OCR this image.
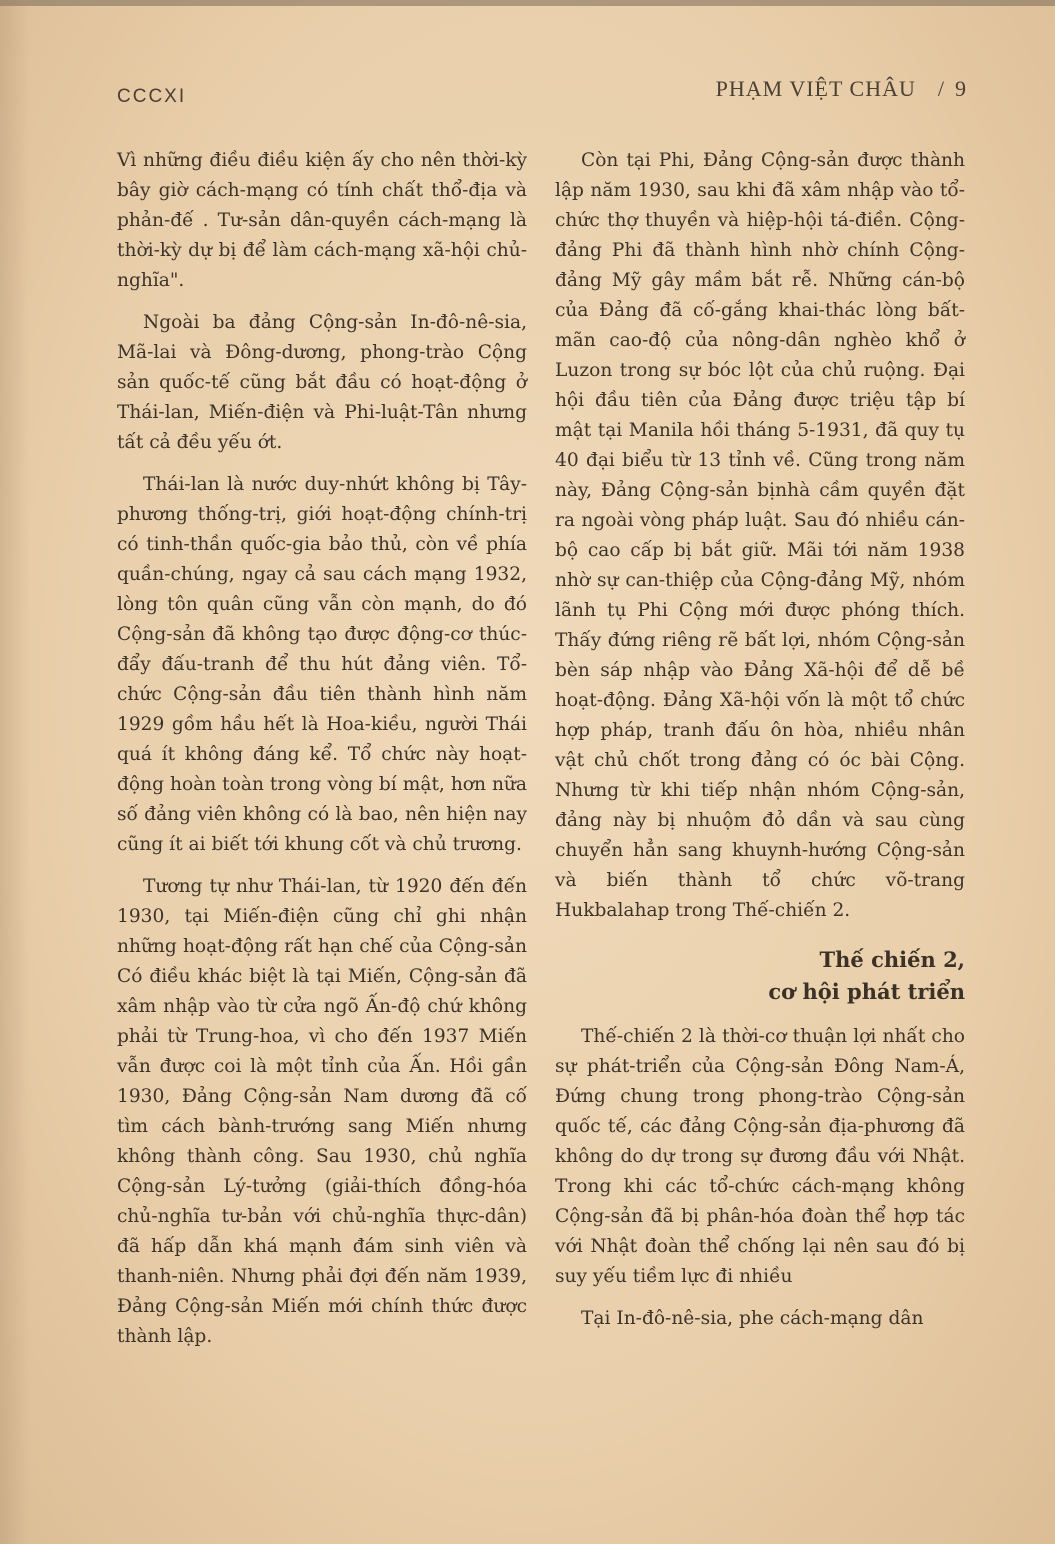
CCCXI	PHẠM VIỆT CHÂU / 9

Vì những điều điều kiện ấy cho nên thời-kỳ bây giờ cách-mạng có tính chất thổ-địa và phản-đế . Tư-sản dân-quyền cách-mạng là thời-kỳ dự bị để làm cách-mạng xã-hội chủ-nghĩa".

Ngoài ba đảng Cộng-sản In-đô-nê-sia, Mã-lai và Đông-dương, phong-trào Cộng sản quốc-tế cũng bắt đầu có hoạt-động ở Thái-lan, Miến-điện và Phi-luật-Tân nhưng tất cả đều yếu ớt.

Thái-lan là nước duy-nhứt không bị Tây-phương thống-trị, giới hoạt-động chính-trị có tinh-thần quốc-gia bảo thủ, còn về phía quần-chúng, ngay cả sau cách mạng 1932, lòng tôn quân cũng vẫn còn mạnh, do đó Cộng-sản đã không tạo được động-cơ thúc-đẩy đấu-tranh để thu hút đảng viên. Tổ-chức Cộng-sản đầu tiên thành hình năm 1929 gồm hầu hết là Hoa-kiều, người Thái quá ít không đáng kể. Tổ chức này hoạt-động hoàn toàn trong vòng bí mật, hơn nữa số đảng viên không có là bao, nên hiện nay cũng ít ai biết tới khung cốt và chủ trương.

Tương tự như Thái-lan, từ 1920 đến đến 1930, tại Miến-điện cũng chỉ ghi nhận những hoạt-động rất hạn chế của Cộng-sản Có điều khác biệt là tại Miến, Cộng-sản đã xâm nhập vào từ cửa ngõ Ấn-độ chứ không phải từ Trung-hoa, vì cho đến 1937 Miến vẫn được coi là một tỉnh của Ấn. Hồi gần 1930, Đảng Cộng-sản Nam dương đã cố tìm cách bành-trướng sang Miến nhưng không thành công. Sau 1930, chủ nghĩa Cộng-sản Lý-tưởng (giải-thích đồng-hóa chủ-nghĩa tư-bản với chủ-nghĩa thực-dân) đã hấp dẫn khá mạnh đám sinh viên và thanh-niên. Nhưng phải đợi đến năm 1939, Đảng Cộng-sản Miến mới chính thức được thành lập.

Còn tại Phi, Đảng Cộng-sản được thành lập năm 1930, sau khi đã xâm nhập vào tổ-chức thợ thuyền và hiệp-hội tá-điền. Cộng-đảng Phi đã thành hình nhờ chính Cộng-đảng Mỹ gây mầm bắt rễ. Những cán-bộ của Đảng đã cố-gắng khai-thác lòng bất-mãn cao-độ của nông-dân nghèo khổ ở Luzon trong sự bóc lột của chủ ruộng. Đại hội đầu tiên của Đảng được triệu tập bí mật tại Manila hồi tháng 5-1931, đã quy tụ 40 đại biểu từ 13 tỉnh về. Cũng trong năm này, Đảng Cộng-sản bịnhà cầm quyền đặt ra ngoài vòng pháp luật. Sau đó nhiều cán-bộ cao cấp bị bắt giữ. Mãi tới năm 1938 nhờ sự can-thiệp của Cộng-đảng Mỹ, nhóm lãnh tụ Phi Cộng mới được phóng thích. Thấy đứng riêng rẽ bất lợi, nhóm Cộng-sản bèn sáp nhập vào Đảng Xã-hội để dễ bề hoạt-động. Đảng Xã-hội vốn là một tổ chức hợp pháp, tranh đấu ôn hòa, nhiều nhân vật chủ chốt trong đảng có óc bài Cộng. Nhưng từ khi tiếp nhận nhóm Cộng-sản, đảng này bị nhuộm đỏ dần và sau cùng chuyển hẳn sang khuynh-hướng Cộng-sản và biến thành tổ chức võ-trang Hukbalahap trong Thế-chiến 2.

Thế chiến 2,
cơ hội phát triển

Thế-chiến 2 là thời-cơ thuận lợi nhất cho sự phát-triển của Cộng-sản Đông Nam-Á, Đứng chung trong phong-trào Cộng-sản quốc tế, các đảng Cộng-sản địa-phương đã không do dự trong sự đương đầu với Nhật. Trong khi các tổ-chức cách-mạng không Cộng-sản đã bị phân-hóa đoàn thể hợp tác với Nhật đoàn thể chống lại nên sau đó bị suy yếu tiềm lực đi nhiều

Tại In-đô-nê-sia, phe cách-mạng dân
